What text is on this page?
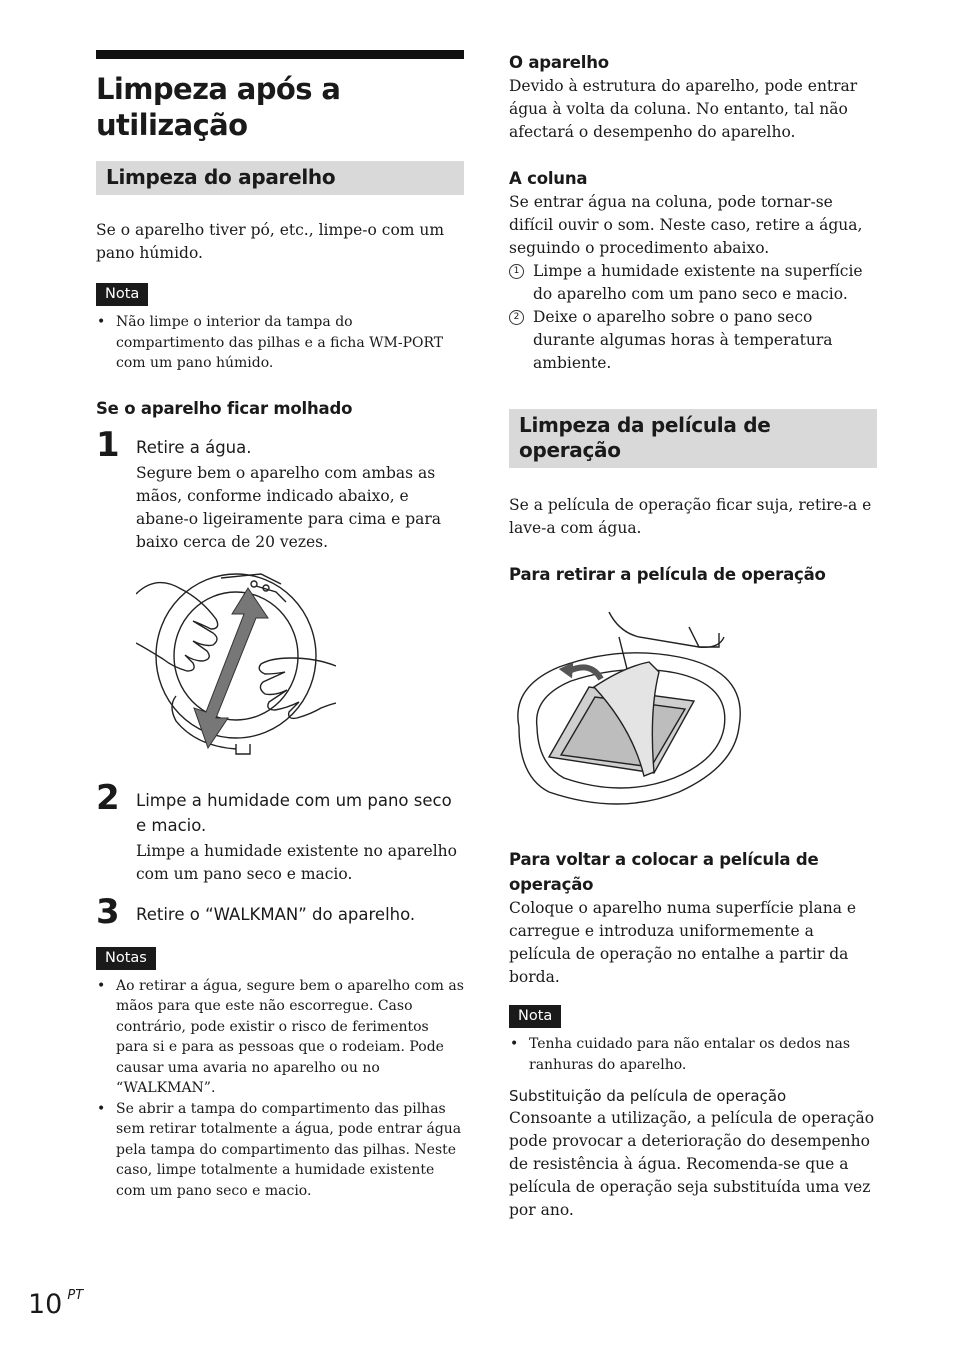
Limpeza após a utilização
Limpeza do aparelho

Se o aparelho tiver pó, etc., limpe-o com um pano húmido.

Nota
• Não limpe o interior da tampa do compartimento das pilhas e a ficha WM-PORT com um pano húmido.
Se o aparelho ficar molhado
1 Retire a água.
Segure bem o aparelho com ambas as mãos, conforme indicado abaixo, e abane-o ligeiramente para cima e para baixo cerca de 20 vezes.
2 Limpe a humidade com um pano seco e macio.
Limpe a humidade existente no aparelho com um pano seco e macio.
3 Retire o “WALKMAN” do aparelho.
Notas
• Ao retirar a água, segure bem o aparelho com as mãos para que este não escorregue. Caso contrário, pode existir o risco de ferimentos para si e para as pessoas que o rodeiam. Pode causar uma avaria no aparelho ou no “WALKMAN”.
• Se abrir a tampa do compartimento das pilhas sem retirar totalmente a água, pode entrar água pela tampa do compartimento das pilhas. Neste caso, limpe totalmente a humidade existente com um pano seco e macio.
O aparelho

Devido à estrutura do aparelho, pode entrar água à volta da coluna. No entanto, tal não afectará o desempenho do aparelho.

A coluna

Se entrar água na coluna, pode tornar-se difícil ouvir o som. Neste caso, retire a água, seguindo o procedimento abaixo.

1 Limpe a humidade existente na superfície do aparelho com um pano seco e macio.
2 Deixe o aparelho sobre o pano seco durante algumas horas à temperatura ambiente.
Limpeza da película de operação

Se a película de operação ficar suja, retire-a e lave-a com água.

Para retirar a película de operação
Para voltar a colocar a película de operação

Coloque o aparelho numa superfície plana e carregue e introduza uniformemente a película de operação no entalhe a partir da borda.

Nota
• Tenha cuidado para não entalar os dedos nas ranhuras do aparelho.
Substituição da película de operação

Consoante a utilização, a película de operação pode provocar a deterioração do desempenho de resistência à água. Recomenda-se que a película de operação seja substituída uma vez por ano.

10 $^{PT}$
